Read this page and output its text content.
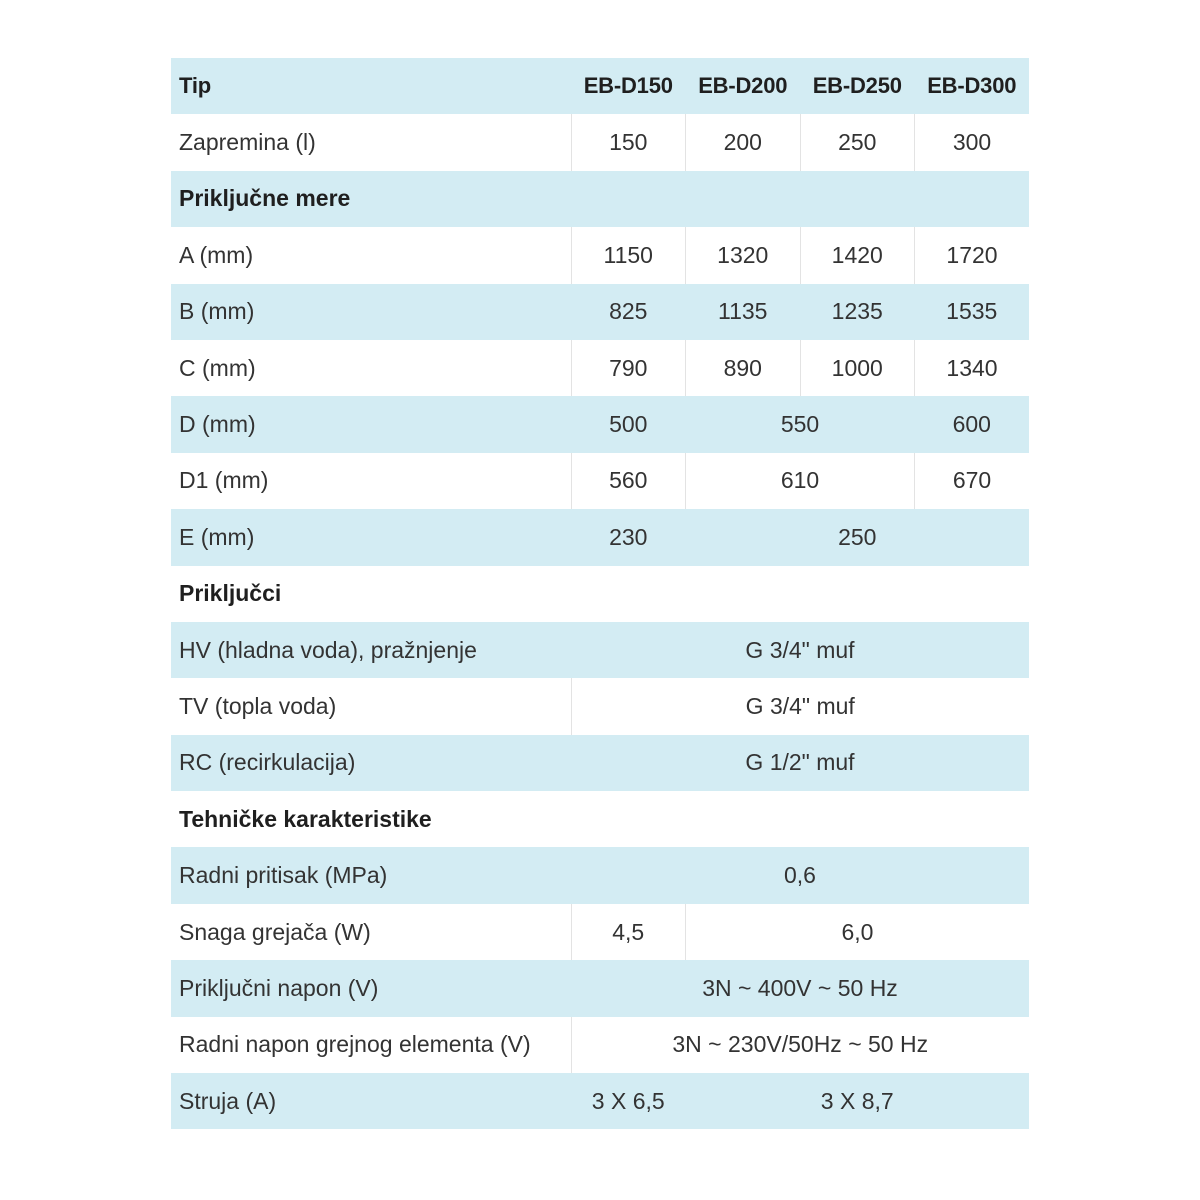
Tip	EB-D150	EB-D200	EB-D250	EB-D300
Zapremina (l)	150	200	250	300
Priključne mere				
A (mm)	1150	1320	1420	1720
B (mm)	825	1135	1235	1535
C (mm)	790	890	1000	1340
D (mm)	500	550		600
D1 (mm)	560	610		670
E (mm)	230	250		
Priključci				
HV (hladna voda), pražnjenje	G 3/4" muf			
TV (topla voda)	G 3/4" muf			
RC (recirkulacija)	G 1/2" muf			
Tehničke karakteristike				
Radni pritisak (MPa)	0,6			
Snaga grejača (W)	4,5	6,0		
Priključni napon (V)	3N ~ 400V ~ 50 Hz			
Radni napon grejnog elementa (V)	3N ~ 230V/50Hz ~ 50 Hz			
Struja (A)	3 X 6,5	3 X 8,7		
